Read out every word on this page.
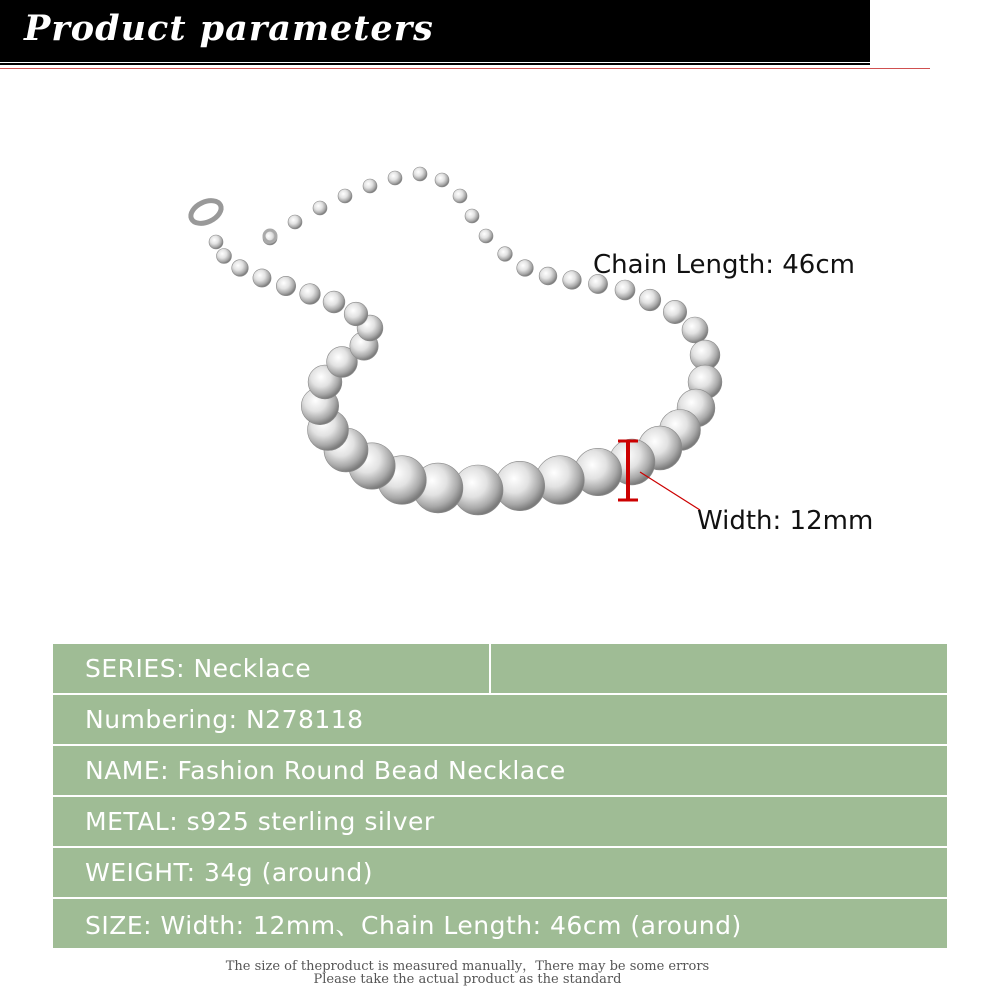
Product parameters
Chain Length: 46cm
Width: 12mm
SERIES: Necklace
Numbering: N278118
NAME: Fashion Round Bead Necklace
METAL: s925 sterling silver
WEIGHT: 34g (around)
SIZE: Width: 12mm、Chain Length: 46cm (around)
The size of theproduct is measured manually，There may be some errors
Please take the actual product as the standard
